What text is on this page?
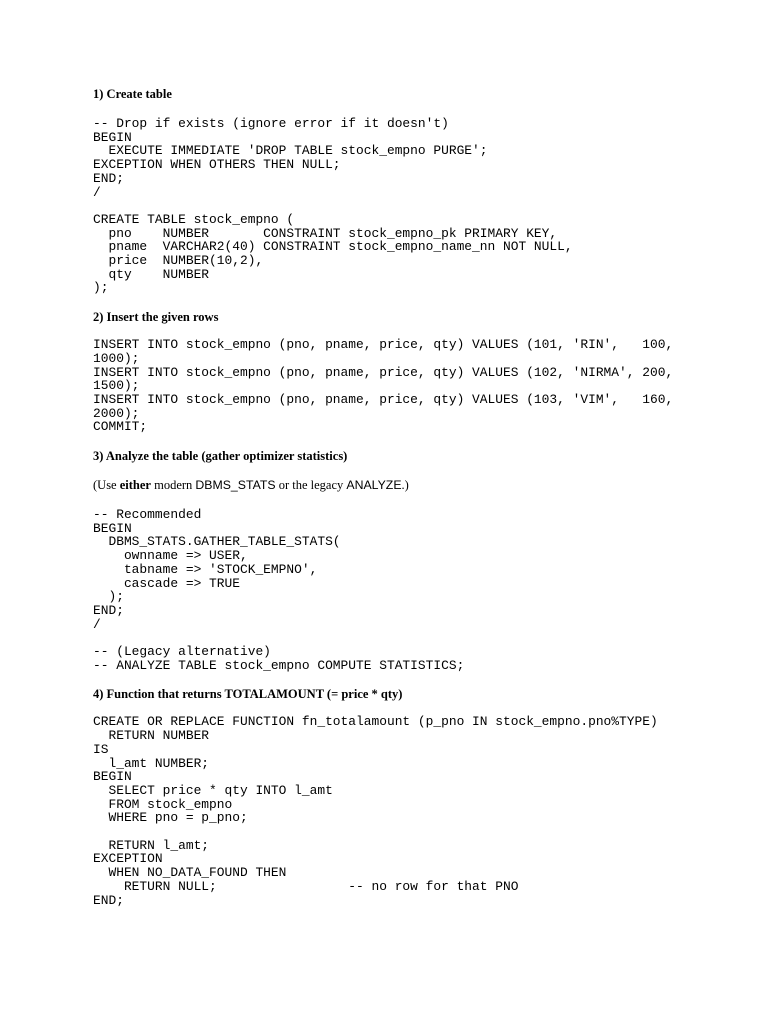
1) Create table

-- Drop if exists (ignore error if it doesn't)
BEGIN
EXECUTE IMMEDIATE 'DROP TABLE stock_empno PURGE';
EXCEPTION WHEN OTHERS THEN NULL;
END;
/
CREATE TABLE stock_empno (
pno    NUMBER       CONSTRAINT stock_empno_pk PRIMARY KEY,
pname  VARCHAR2(40) CONSTRAINT stock_empno_name_nn NOT NULL,
price  NUMBER(10,2),
qty    NUMBER
);

2) Insert the given rows

INSERT INTO stock_empno (pno, pname, price, qty) VALUES (101, 'RIN',   100,
1000);
INSERT INTO stock_empno (pno, pname, price, qty) VALUES (102, 'NIRMA', 200,
1500);
INSERT INTO stock_empno (pno, pname, price, qty) VALUES (103, 'VIM',   160,
2000);
COMMIT;

3) Analyze the table (gather optimizer statistics)

(Use either modern DBMS_STATS or the legacy ANALYZE.)

-- Recommended
BEGIN
DBMS_STATS.GATHER_TABLE_STATS(
ownname => USER,
tabname => 'STOCK_EMPNO',
cascade => TRUE
);
END;
/
-- (Legacy alternative)
-- ANALYZE TABLE stock_empno COMPUTE STATISTICS;

4) Function that returns TOTALAMOUNT (= price * qty)

CREATE OR REPLACE FUNCTION fn_totalamount (p_pno IN stock_empno.pno%TYPE)
RETURN NUMBER
IS
l_amt NUMBER;
BEGIN
SELECT price * qty INTO l_amt
FROM stock_empno
WHERE pno = p_pno;
RETURN l_amt;
EXCEPTION
WHEN NO_DATA_FOUND THEN
RETURN NULL;                 -- no row for that PNO
END;
